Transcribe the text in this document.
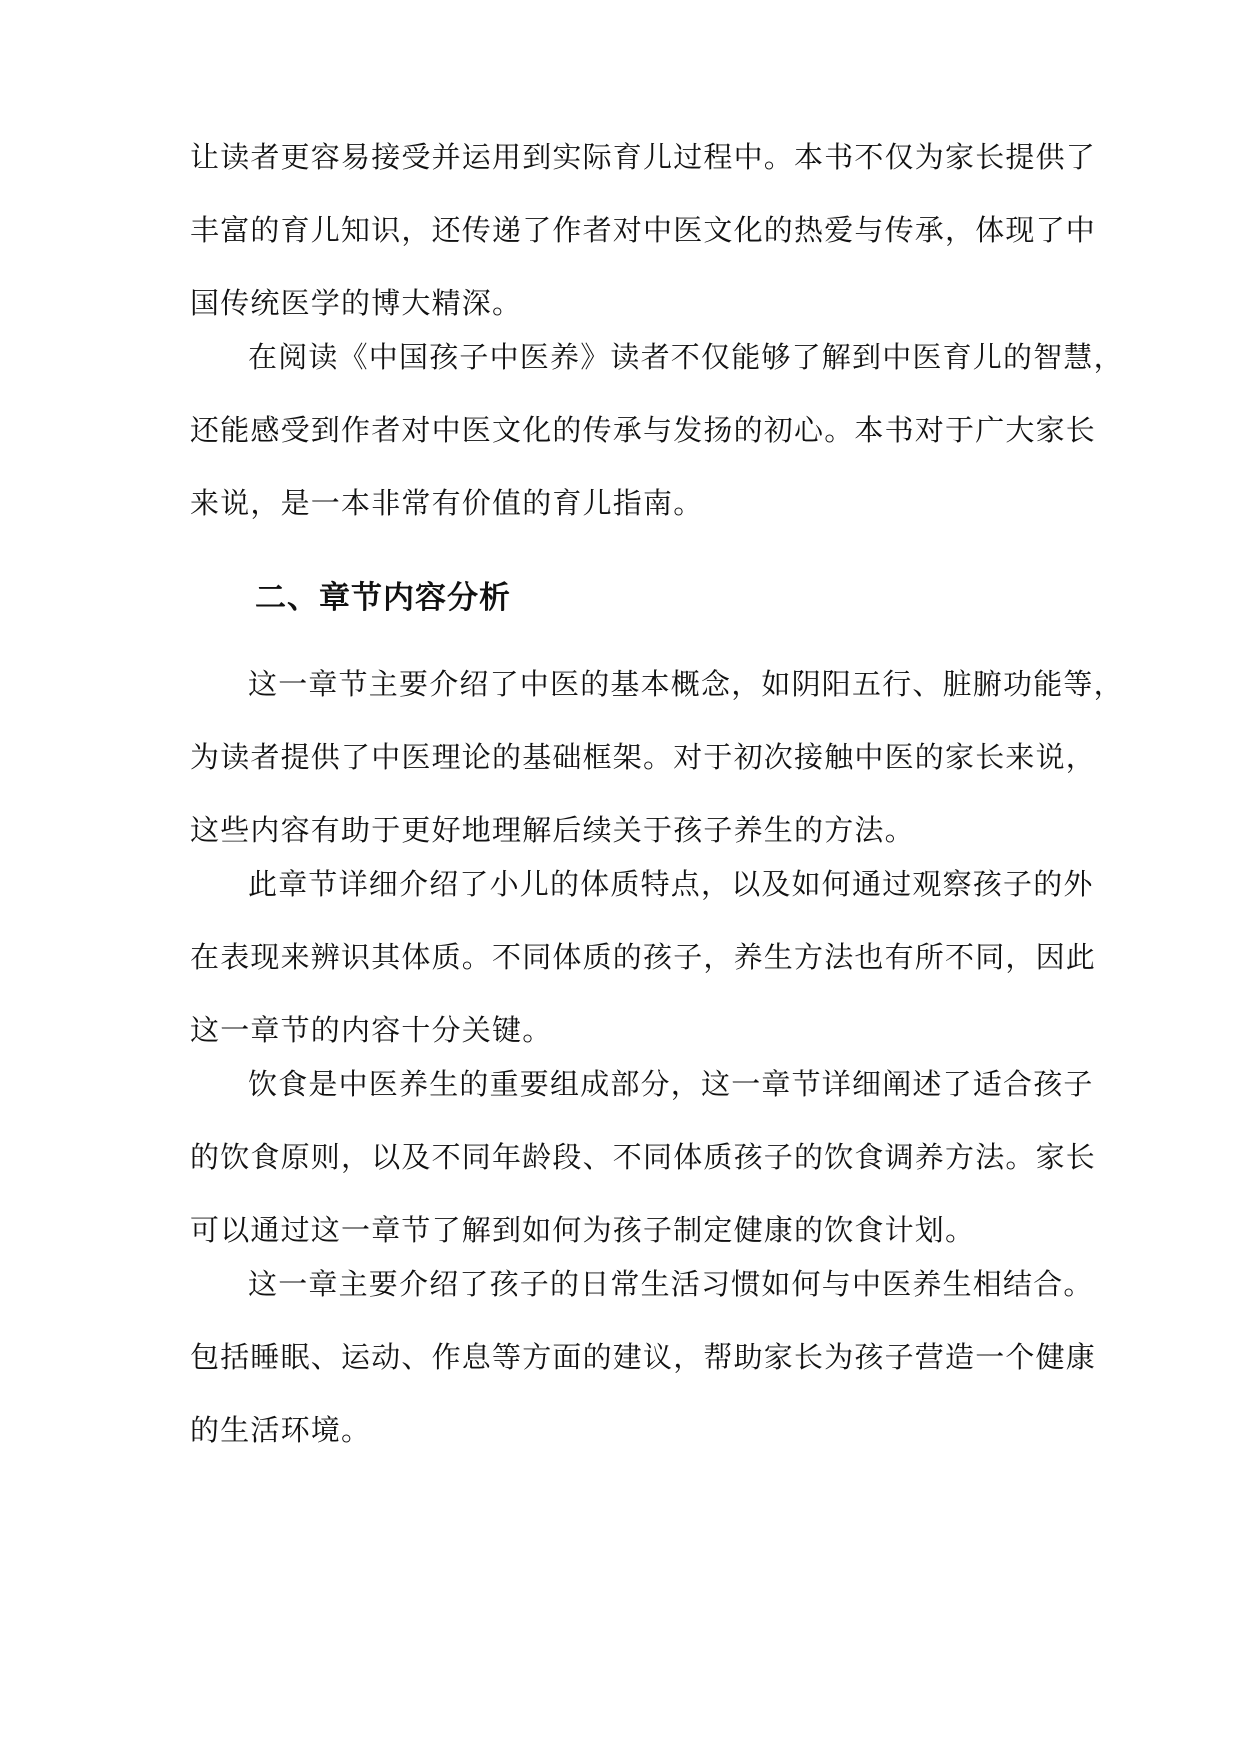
让读者更容易接受并运用到实际育儿过程中。本书不仅为家长提供了
丰富的育儿知识，还传递了作者对中医文化的热爱与传承，体现了中
国传统医学的博大精深。
在阅读《中国孩子中医养》读者不仅能够了解到中医育儿的智慧，
还能感受到作者对中医文化的传承与发扬的初心。本书对于广大家长
来说，是一本非常有价值的育儿指南。
二、章节内容分析
这一章节主要介绍了中医的基本概念，如阴阳五行、脏腑功能等，
为读者提供了中医理论的基础框架。对于初次接触中医的家长来说，
这些内容有助于更好地理解后续关于孩子养生的方法。
此章节详细介绍了小儿的体质特点，以及如何通过观察孩子的外
在表现来辨识其体质。不同体质的孩子，养生方法也有所不同，因此
这一章节的内容十分关键。
饮食是中医养生的重要组成部分，这一章节详细阐述了适合孩子
的饮食原则，以及不同年龄段、不同体质孩子的饮食调养方法。家长
可以通过这一章节了解到如何为孩子制定健康的饮食计划。
这一章主要介绍了孩子的日常生活习惯如何与中医养生相结合。
包括睡眠、运动、作息等方面的建议，帮助家长为孩子营造一个健康
的生活环境。
